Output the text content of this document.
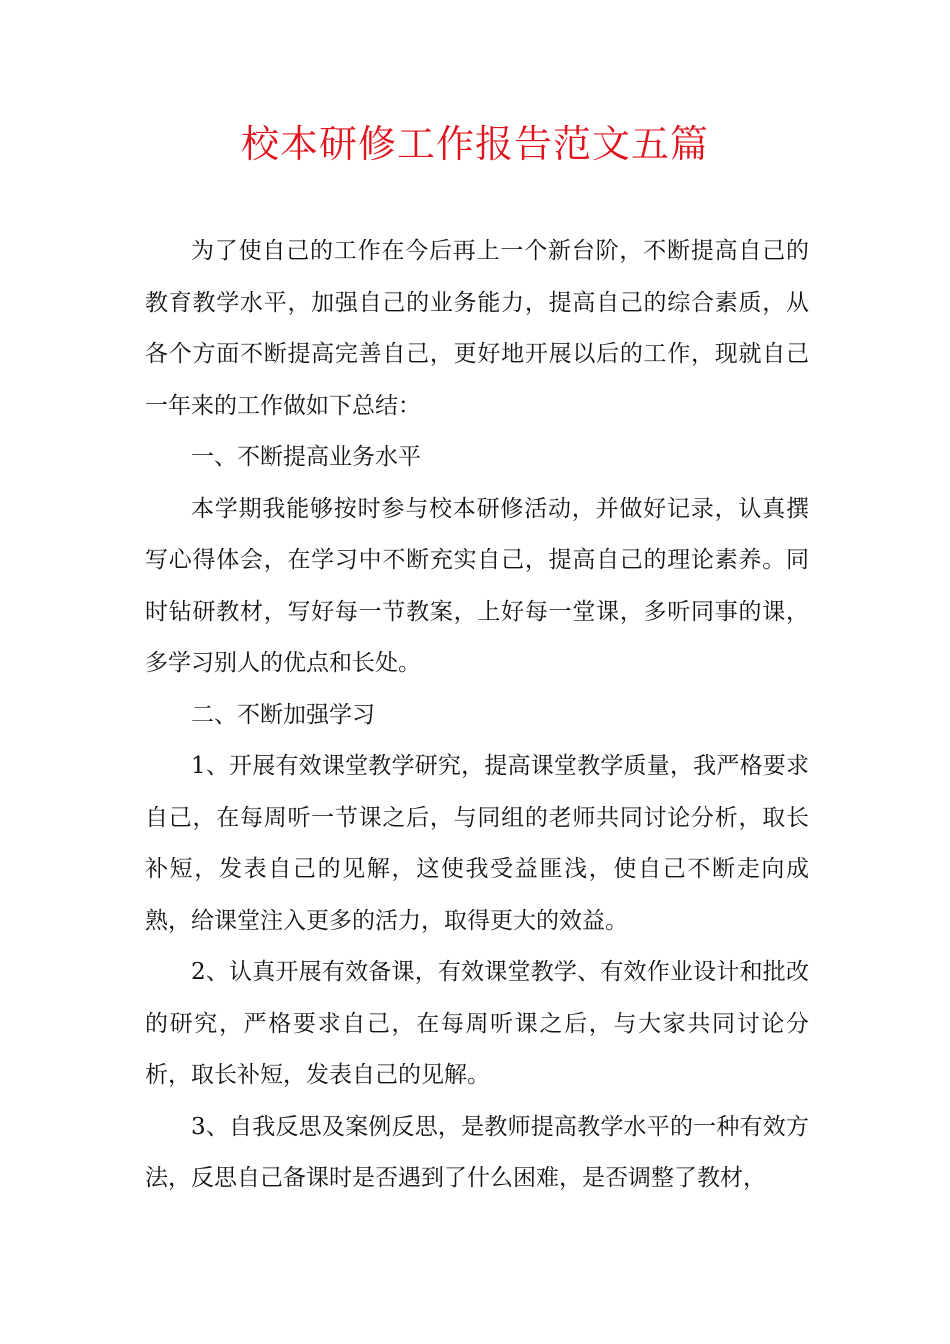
校本研修工作报告范文五篇

为了使自己的工作在今后再上一个新台阶，不断提高自己的教育教学水平，加强自己的业务能力，提高自己的综合素质，从各个方面不断提高完善自己，更好地开展以后的工作，现就自己一年来的工作做如下总结：

一、不断提高业务水平

本学期我能够按时参与校本研修活动，并做好记录，认真撰写心得体会，在学习中不断充实自己，提高自己的理论素养。同时钻研教材，写好每一节教案，上好每一堂课，多听同事的课，多学习别人的优点和长处。

二、不断加强学习

1、开展有效课堂教学研究，提高课堂教学质量，我严格要求自己，在每周听一节课之后，与同组的老师共同讨论分析，取长补短，发表自己的见解，这使我受益匪浅，使自己不断走向成熟，给课堂注入更多的活力，取得更大的效益。

2、认真开展有效备课，有效课堂教学、有效作业设计和批改的研究，严格要求自己，在每周听课之后，与大家共同讨论分析，取长补短，发表自己的见解。

3、自我反思及案例反思，是教师提高教学水平的一种有效方法，反思自己备课时是否遇到了什么困难，是否调整了教材，
